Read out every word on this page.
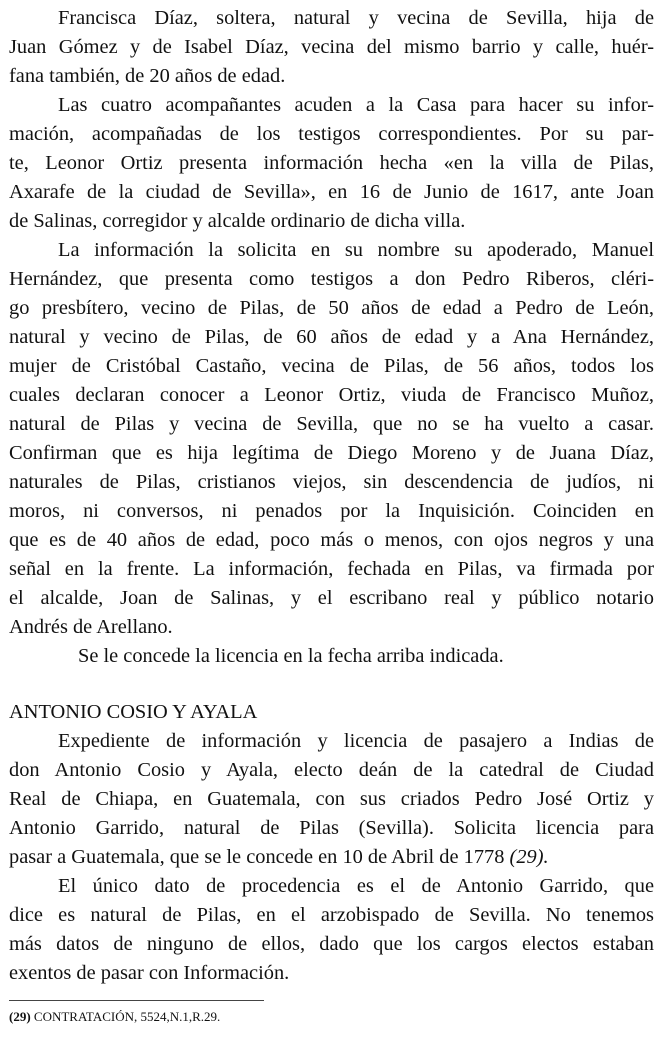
Francisca Díaz, soltera, natural y vecina de Sevilla, hija de
Juan Gómez y de Isabel Díaz, vecina del mismo barrio y calle, huér-
fana también, de 20 años de edad.
Las cuatro acompañantes acuden a la Casa para hacer su infor-
mación, acompañadas de los testigos correspondientes. Por su par-
te, Leonor Ortiz presenta información hecha «en la villa de Pilas,
Axarafe de la ciudad de Sevilla», en 16 de Junio de 1617, ante Joan
de Salinas, corregidor y alcalde ordinario de dicha villa.
La información la solicita en su nombre su apoderado, Manuel
Hernández, que presenta como testigos a don Pedro Riberos, cléri-
go presbítero, vecino de Pilas, de 50 años de edad a Pedro de León,
natural y vecino de Pilas, de 60 años de edad y a Ana Hernández,
mujer de Cristóbal Castaño, vecina de Pilas, de 56 años, todos los
cuales declaran conocer a Leonor Ortiz, viuda de Francisco Muñoz,
natural de Pilas y vecina de Sevilla, que no se ha vuelto a casar.
Confirman que es hija legítima de Diego Moreno y de Juana Díaz,
naturales de Pilas, cristianos viejos, sin descendencia de judíos, ni
moros, ni conversos, ni penados por la Inquisición. Coinciden en
que es de 40 años de edad, poco más o menos, con ojos negros y una
señal en la frente. La información, fechada en Pilas, va firmada por
el alcalde, Joan de Salinas, y el escribano real y público notario
Andrés de Arellano.
Se le concede la licencia en la fecha arriba indicada.
ANTONIO COSIO Y AYALA
Expediente de información y licencia de pasajero a Indias de
don Antonio Cosio y Ayala, electo deán de la catedral de Ciudad
Real de Chiapa, en Guatemala, con sus criados Pedro José Ortiz y
Antonio Garrido, natural de Pilas (Sevilla). Solicita licencia para
pasar a Guatemala, que se le concede en 10 de Abril de 1778 (29).
El único dato de procedencia es el de Antonio Garrido, que
dice es natural de Pilas, en el arzobispado de Sevilla. No tenemos
más datos de ninguno de ellos, dado que los cargos electos estaban
exentos de pasar con Información.
(29) CONTRATACIÓN, 5524,N.1,R.29.
